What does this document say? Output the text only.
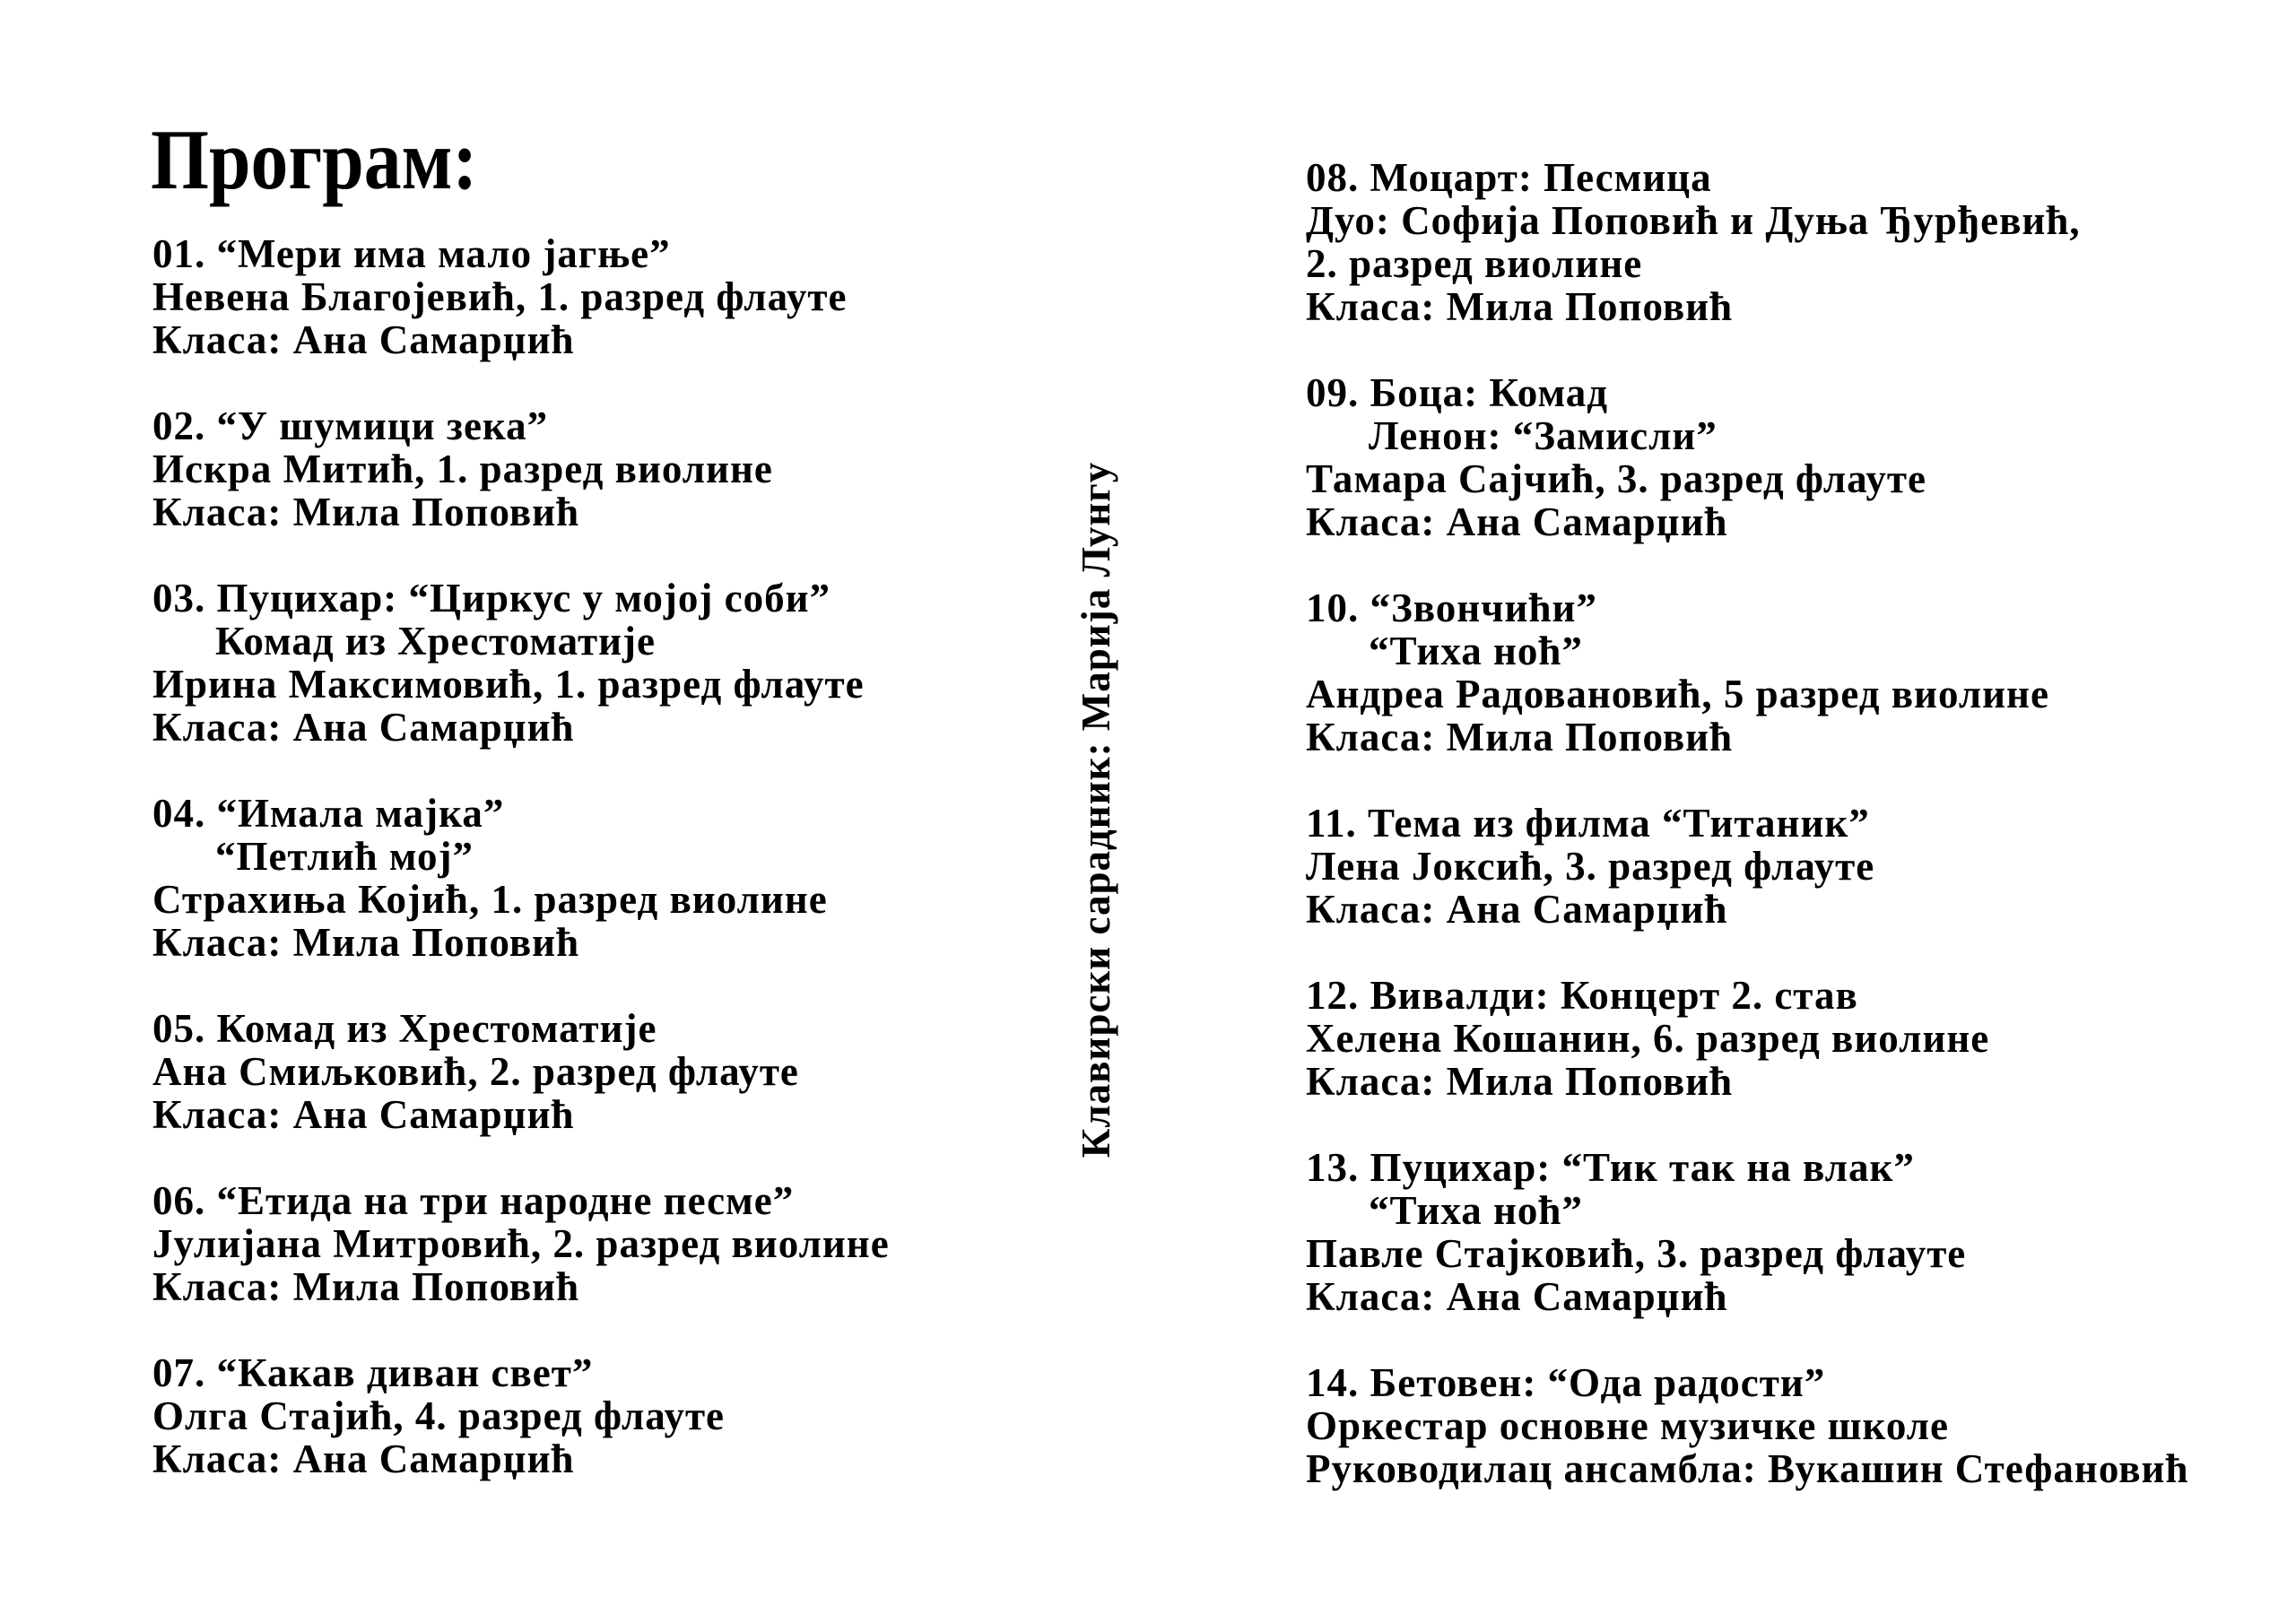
Програм:
01. “Мери има мало јагње”
Невена Благојевић, 1. разред флауте
Класа: Ана Самарџић
02. “У шумици зека”
Искра Митић, 1. разред виолине
Класа: Мила Поповић
03. Пуцихар: “Циркус у мојој соби”
Комад из Хрестоматије
Ирина Максимовић, 1. разред флауте
Класа: Ана Самарџић
04. “Имала мајка”
“Петлић мој”
Страхиња Којић, 1. разред виолине
Класа: Мила Поповић
05. Комад из Хрестоматије
Ана Смиљковић, 2. разред флауте
Класа: Ана Самарџић
06. “Етида на три народне песме”
Јулијана Митровић, 2. разред виолине
Класа: Мила Поповић
07. “Какав диван свет”
Олга Стајић, 4. разред флауте
Класа: Ана Самарџић
08. Моцарт: Песмица
Дуо: Софија Поповић и Дуња Ђурђевић,
2. разред виолине
Класа: Мила Поповић
09. Боца: Комад
Ленон: “Замисли”
Тамара Сајчић, 3. разред флауте
Класа: Ана Самарџић
10. “Звончићи”
“Тиха ноћ”
Андреа Радовановић, 5 разред виолине
Класа: Мила Поповић
11. Тема из филма “Титаник”
Лена Јоксић, 3. разред флауте
Класа: Ана Самарџић
12. Вивалди: Концерт 2. став
Хелена Кошанин, 6. разред виолине
Класа: Мила Поповић
13. Пуцихар: “Тик так на влак”
“Тиха ноћ”
Павле Стајковић, 3. разред флауте
Класа: Ана Самарџић
14. Бетовен: “Ода радости”
Оркестар основне музичке школе
Руководилац ансамбла: Вукашин Стефановић
Клавирски сарадник: Марија Лунгу
